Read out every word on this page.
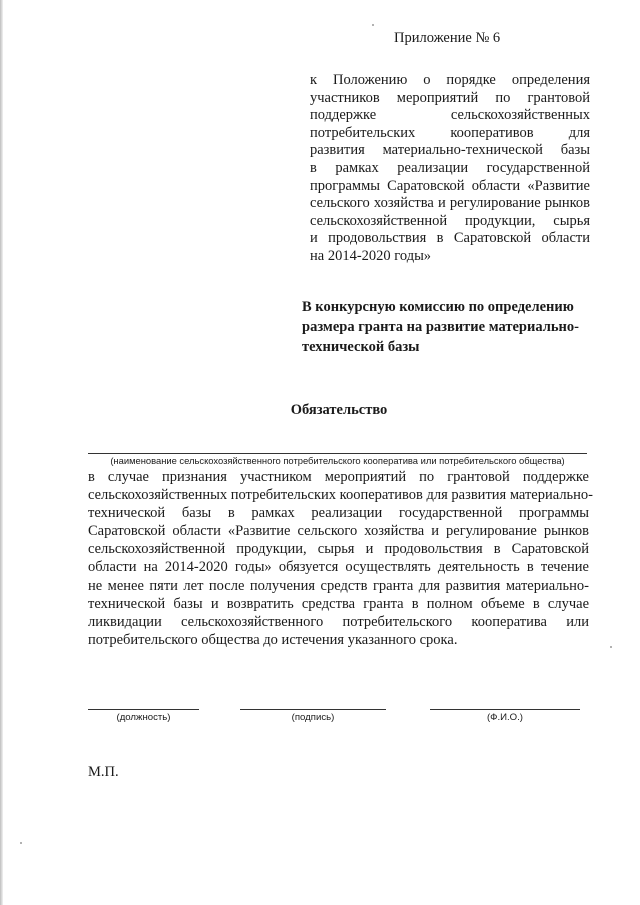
Приложение № 6
к Положению о порядке определения
участников мероприятий по грантовой
поддержке сельскохозяйственных
потребительских кооперативов для
развития материально-технической базы
в рамках реализации государственной
программы Саратовской области «Развитие
сельского хозяйства и регулирование рынков
сельскохозяйственной продукции, сырья
и продовольствия в Саратовской области
на 2014-2020 годы»
В конкурсную комиссию по определению
размера гранта на развитие материально-
технической базы
Обязательство
(наименование сельскохозяйственного потребительского кооператива или потребительского общества)
в случае признания участником мероприятий по грантовой поддержке
сельскохозяйственных потребительских кооперативов для развития материально-
технической базы в рамках реализации государственной программы
Саратовской области «Развитие сельского хозяйства и регулирование рынков
сельскохозяйственной продукции, сырья и продовольствия в Саратовской
области на 2014-2020 годы» обязуется осуществлять деятельность в течение
не менее пяти лет после получения средств гранта для развития материально-
технической базы и возвратить средства гранта в полном объеме в случае
ликвидации сельскохозяйственного потребительского кооператива или
потребительского общества до истечения указанного срока.
(должность)	(подпись)	(Ф.И.О.)
М.П.
